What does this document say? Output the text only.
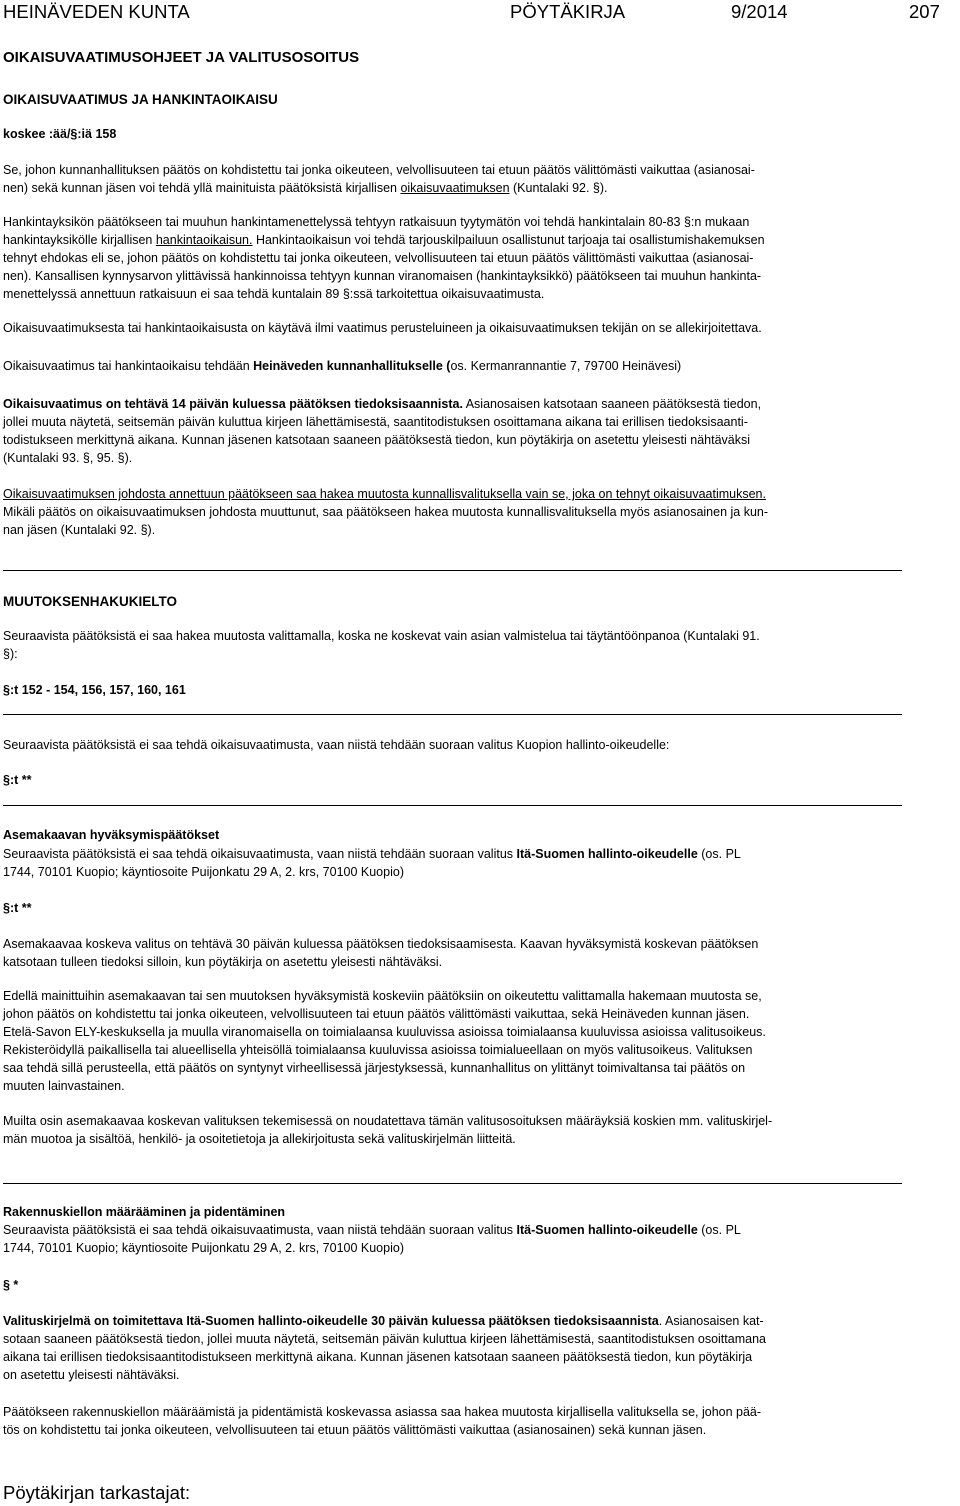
HEINÄVEDEN KUNTA	PÖYTÄKIRJA	9/2014	207
OIKAISUVAATIMUSOHJEET JA VALITUSOSOITUS
OIKAISUVAATIMUS JA HANKINTAOIKAISU
koskee :ää/§:iä 158
Se, johon kunnanhallituksen päätös on kohdistettu tai jonka oikeuteen, velvollisuuteen tai etuun päätös välittömästi vaikuttaa (asianosai-
nen) sekä kunnan jäsen voi tehdä yllä mainituista päätöksistä kirjallisen oikaisuvaatimuksen (Kuntalaki 92. §).
Hankintayksikön päätökseen tai muuhun hankintamenettelyssä tehtyyn ratkaisuun tyytymätön voi tehdä hankintalain 80-83 §:n mukaan
hankintayksikölle kirjallisen hankintaoikaisun. Hankintaoikaisun voi tehdä tarjouskilpailuun osallistunut tarjoaja tai osallistumishakemuksen
tehnyt ehdokas eli se, johon päätös on kohdistettu tai jonka oikeuteen, velvollisuuteen tai etuun päätös välittömästi vaikuttaa (asianosai-
nen). Kansallisen kynnysarvon ylittävissä hankinnoissa tehtyyn kunnan viranomaisen (hankintayksikkö) päätökseen tai muuhun hankinta-
menettelyssä annettuun ratkaisuun ei saa tehdä kuntalain 89 §:ssä tarkoitettua oikaisuvaatimusta.
Oikaisuvaatimuksesta tai hankintaoikaisusta on käytävä ilmi vaatimus perusteluineen ja oikaisuvaatimuksen tekijän on se allekirjoitettava.
Oikaisuvaatimus tai hankintaoikaisu tehdään Heinäveden kunnanhallitukselle (os. Kermanrannantie 7, 79700 Heinävesi)
Oikaisuvaatimus on tehtävä 14 päivän kuluessa päätöksen tiedoksisaannista. Asianosaisen katsotaan saaneen päätöksestä tiedon,
jollei muuta näytetä, seitsemän päivän kuluttua kirjeen lähettämisestä, saantitodistuksen osoittamana aikana tai erillisen tiedoksisaanti-
todistukseen merkittynä aikana. Kunnan jäsenen katsotaan saaneen päätöksestä tiedon, kun pöytäkirja on asetettu yleisesti nähtäväksi
(Kuntalaki 93. §, 95. §).
Oikaisuvaatimuksen johdosta annettuun päätökseen saa hakea muutosta kunnallisvalituksella vain se, joka on tehnyt oikaisuvaatimuksen.
Mikäli päätös on oikaisuvaatimuksen johdosta muuttunut, saa päätökseen hakea muutosta kunnallisvalituksella myös asianosainen ja kun-
nan jäsen (Kuntalaki 92. §).
MUUTOKSENHAKUKIELTO
Seuraavista päätöksistä ei saa hakea muutosta valittamalla, koska ne koskevat vain asian valmistelua tai täytäntöönpanoa (Kuntalaki 91.
§):
§:t 152 - 154, 156, 157, 160, 161
Seuraavista päätöksistä ei saa tehdä oikaisuvaatimusta, vaan niistä tehdään suoraan valitus Kuopion hallinto-oikeudelle:
§:t **
Asemakaavan hyväksymispäätökset
Seuraavista päätöksistä ei saa tehdä oikaisuvaatimusta, vaan niistä tehdään suoraan valitus Itä-Suomen hallinto-oikeudelle (os. PL
1744, 70101 Kuopio; käyntiosoite Puijonkatu 29 A, 2. krs, 70100 Kuopio)
§:t **
Asemakaavaa koskeva valitus on tehtävä 30 päivän kuluessa päätöksen tiedoksisaamisesta. Kaavan hyväksymistä koskevan päätöksen
katsotaan tulleen tiedoksi silloin, kun pöytäkirja on asetettu yleisesti nähtäväksi.
Edellä mainittuihin asemakaavan tai sen muutoksen hyväksymistä koskeviin päätöksiin on oikeutettu valittamalla hakemaan muutosta se,
johon päätös on kohdistettu tai jonka oikeuteen, velvollisuuteen tai etuun päätös välittömästi vaikuttaa, sekä Heinäveden kunnan jäsen.
Etelä-Savon ELY-keskuksella ja muulla viranomaisella on toimialaansa kuuluvissa asioissa toimialaansa kuuluvissa asioissa valitusoikeus.
Rekisteröidyllä paikallisella tai alueellisella yhteisöllä toimialaansa kuuluvissa asioissa toimialueellaan on myös valitusoikeus. Valituksen
saa tehdä sillä perusteella, että päätös on syntynyt virheellisessä järjestyksessä, kunnanhallitus on ylittänyt toimivaltansa tai päätös on
muuten lainvastainen.
Muilta osin asemakaavaa koskevan valituksen tekemisessä on noudatettava tämän valitusosoituksen määräyksiä koskien mm. valituskirjel-
män muotoa ja sisältöä, henkilö- ja osoitetietoja ja allekirjoitusta sekä valituskirjelmän liitteitä.
Rakennuskiellon määrääminen ja pidentäminen
Seuraavista päätöksistä ei saa tehdä oikaisuvaatimusta, vaan niistä tehdään suoraan valitus Itä-Suomen hallinto-oikeudelle (os. PL
1744, 70101 Kuopio; käyntiosoite Puijonkatu 29 A, 2. krs, 70100 Kuopio)
§ *
Valituskirjelmä on toimitettava Itä-Suomen hallinto-oikeudelle 30 päivän kuluessa päätöksen tiedoksisaannista. Asianosaisen kat-
sotaan saaneen päätöksestä tiedon, jollei muuta näytetä, seitsemän päivän kuluttua kirjeen lähettämisestä, saantitodistuksen osoittamana
aikana tai erillisen tiedoksisaantitodistukseen merkittynä aikana. Kunnan jäsenen katsotaan saaneen päätöksestä tiedon, kun pöytäkirja
on asetettu yleisesti nähtäväksi.
Päätökseen rakennuskiellon määräämistä ja pidentämistä koskevassa asiassa saa hakea muutosta kirjallisella valituksella se, johon pää-
tös on kohdistettu tai jonka oikeuteen, velvollisuuteen tai etuun päätös välittömästi vaikuttaa (asianosainen) sekä kunnan jäsen.
Pöytäkirjan tarkastajat:
